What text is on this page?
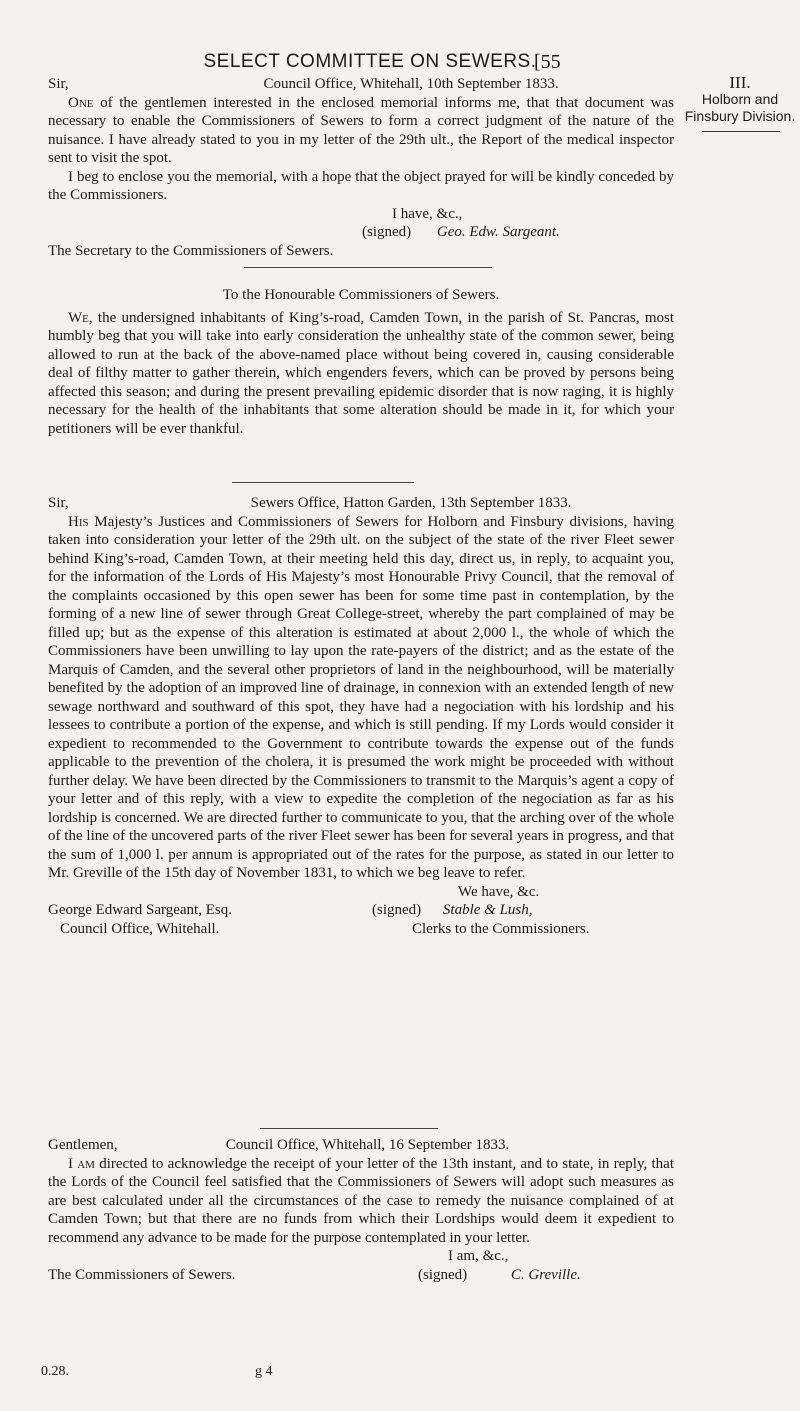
SELECT COMMITTEE ON SEWERS.
[55
III.
Holborn and
Finsbury Division.
Sir,	Council Office, Whitehall, 10th September 1833.

One of the gentlemen interested in the enclosed memorial informs me, that that document was necessary to enable the Commissioners of Sewers to form a correct judgment of the nature of the nuisance. I have already stated to you in my letter of the 29th ult., the Report of the medical inspector sent to visit the spot.

I beg to enclose you the memorial, with a hope that the object prayed for will be kindly conceded by the Commissioners.

I have, &c.,

(signed) Geo. Edw. Sargeant.

The Secretary to the Commissioners of Sewers.

To the Honourable Commissioners of Sewers.

We, the undersigned inhabitants of King’s-road, Camden Town, in the parish of St. Pancras, most humbly beg that you will take into early consideration the unhealthy state of the common sewer, being allowed to run at the back of the above-named place without being covered in, causing considerable deal of filthy matter to gather therein, which engenders fevers, which can be proved by persons being affected this season; and during the present prevailing epidemic disorder that is now raging, it is highly necessary for the health of the inhabitants that some alteration should be made in it, for which your petitioners will be ever thankful.

Sir,	Sewers Office, Hatton Garden, 13th September 1833.

His Majesty’s Justices and Commissioners of Sewers for Holborn and Finsbury divisions, having taken into consideration your letter of the 29th ult. on the subject of the state of the river Fleet sewer behind King’s-road, Camden Town, at their meeting held this day, direct us, in reply, to acquaint you, for the information of the Lords of His Majesty’s most Honourable Privy Council, that the removal of the complaints occasioned by this open sewer has been for some time past in contemplation, by the forming of a new line of sewer through Great College-street, whereby the part complained of may be filled up; but as the expense of this alteration is estimated at about 2,000 l., the whole of which the Commissioners have been unwilling to lay upon the rate-payers of the district; and as the estate of the Marquis of Camden, and the several other proprietors of land in the neighbourhood, will be materially benefited by the adoption of an improved line of drainage, in connexion with an extended length of new sewage northward and southward of this spot, they have had a negociation with his lordship and his lessees to contribute a portion of the expense, and which is still pending. If my Lords would consider it expedient to recommended to the Government to contribute towards the expense out of the funds applicable to the prevention of the cholera, it is presumed the work might be proceeded with without further delay. We have been directed by the Commissioners to transmit to the Marquis’s agent a copy of your letter and of this reply, with a view to expedite the completion of the negociation as far as his lordship is concerned. We are directed further to communicate to you, that the arching over of the whole of the line of the uncovered parts of the river Fleet sewer has been for several years in progress, and that the sum of 1,000 l. per annum is appropriated out of the rates for the purpose, as stated in our letter to Mr. Greville of the 15th day of November 1831, to which we beg leave to refer.

We have, &c.

George Edward Sargeant, Esq.	(signed) Stable & Lush,
Council Office, Whitehall.	Clerks to the Commissioners.
Gentlemen,	Council Office, Whitehall, 16 September 1833.

I am directed to acknowledge the receipt of your letter of the 13th instant, and to state, in reply, that the Lords of the Council feel satisfied that the Commissioners of Sewers will adopt such measures as are best calculated under all the circumstances of the case to remedy the nuisance complained of at Camden Town; but that there are no funds from which their Lordships would deem it expedient to recommend any advance to be made for the purpose contemplated in your letter.

I am, &c.,

The Commissioners of Sewers.	(signed)	C. Greville.
0.28.	g 4
